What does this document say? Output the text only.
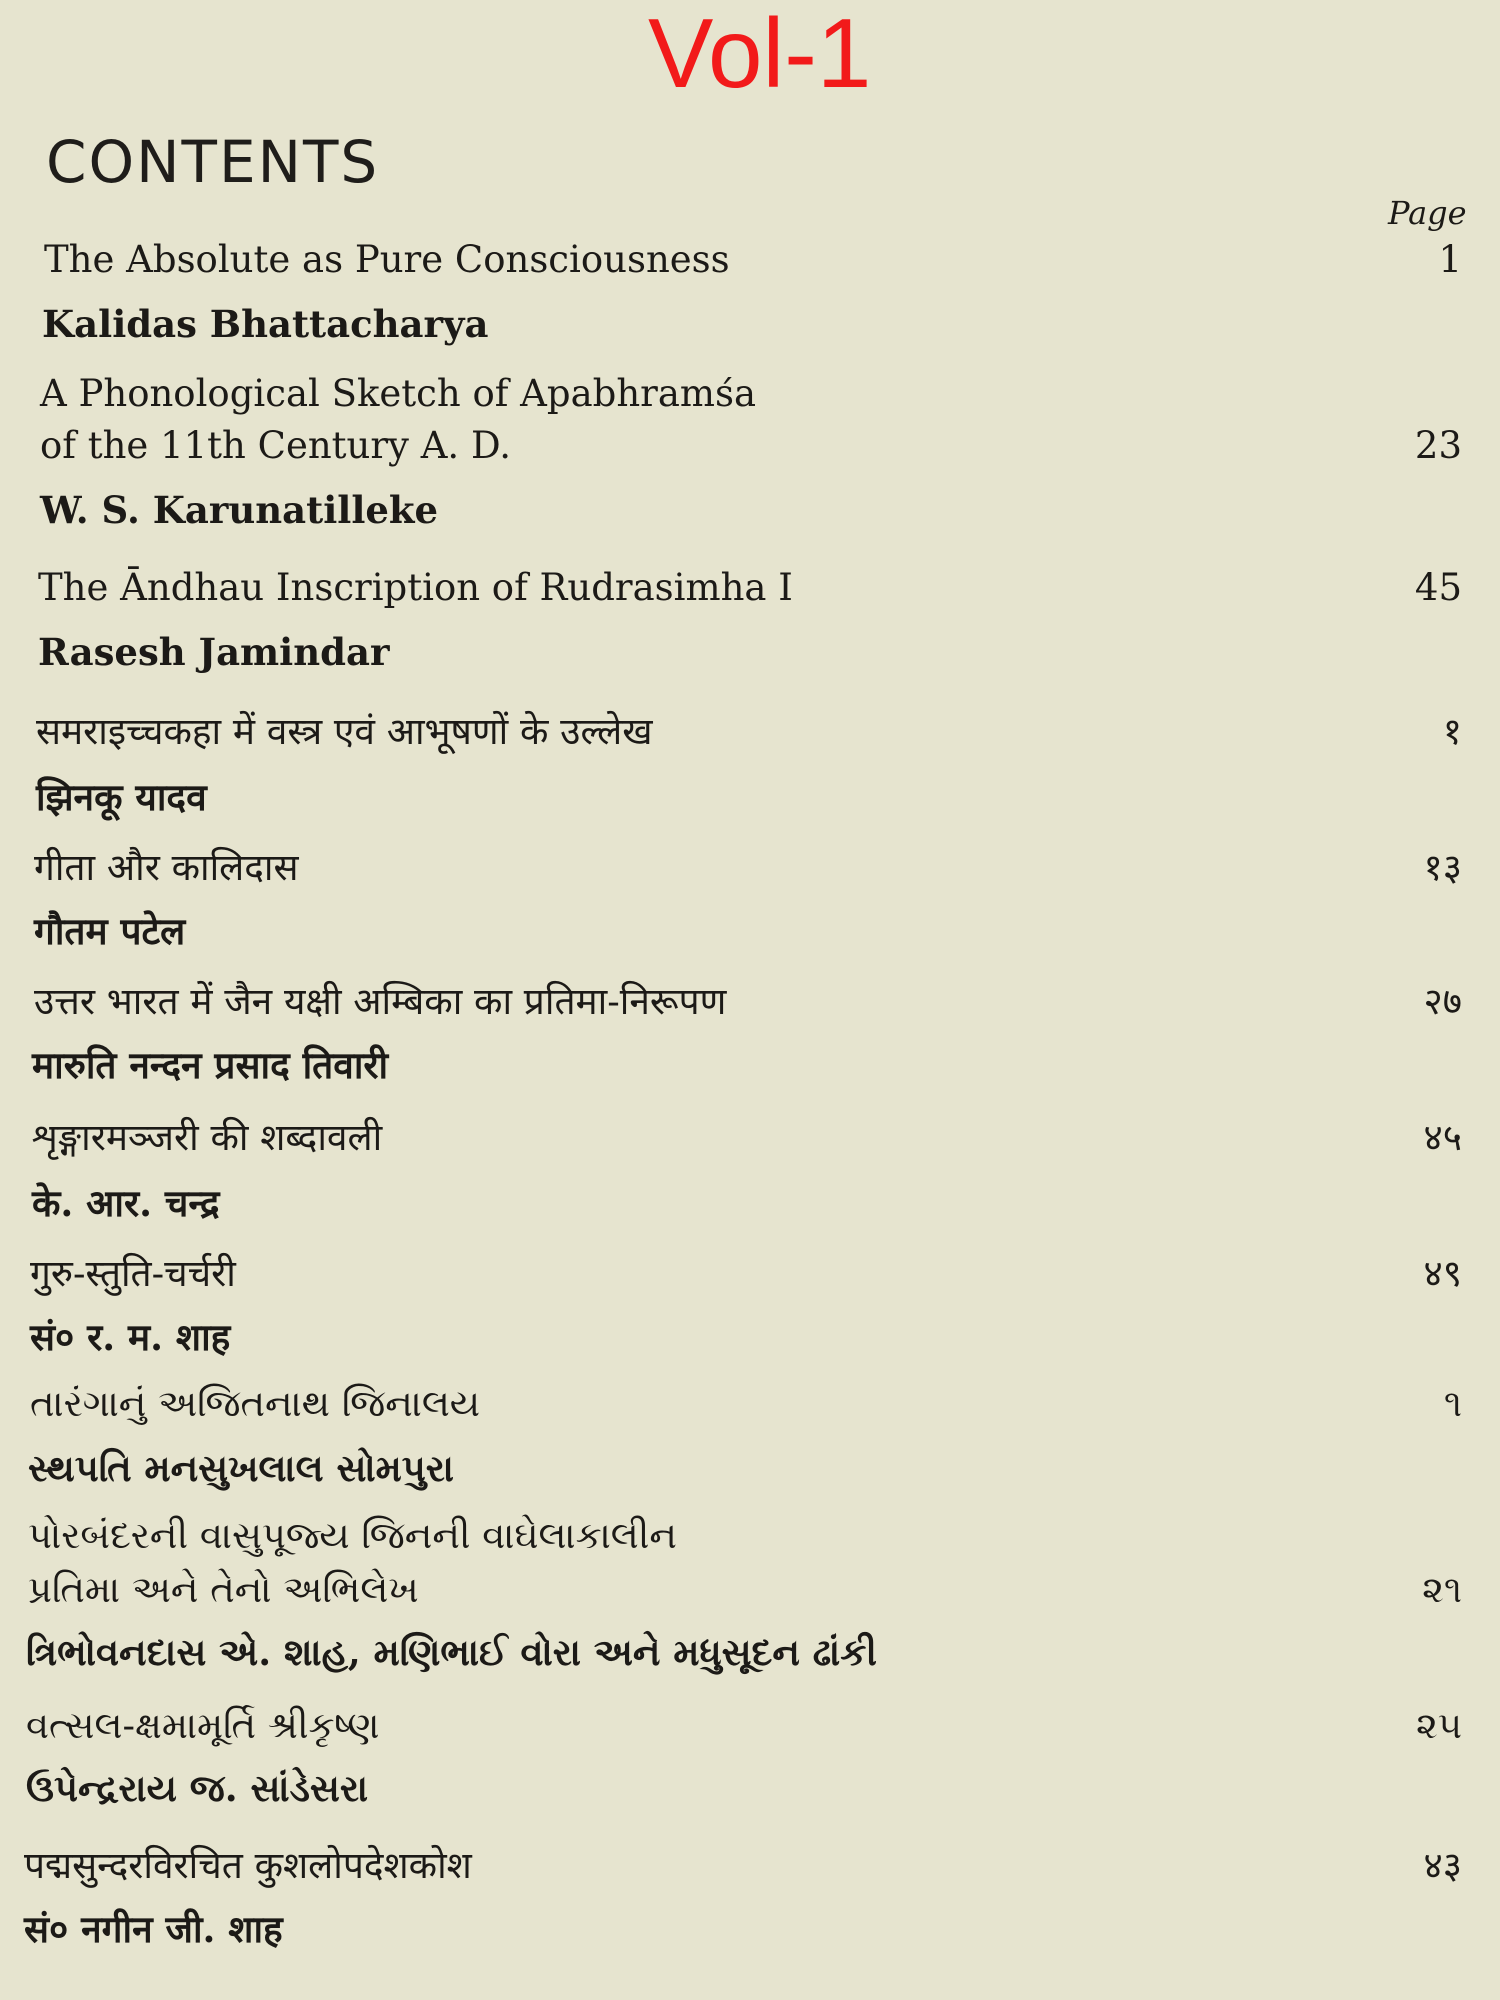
Vol-1
CONTENTS
Page
The Absolute as Pure Consciousness	1
Kalidas Bhattacharya
A Phonological Sketch of Apabhramśa
of the 11th Century A. D.	23
W. S. Karunatilleke
The Āndhau Inscription of Rudrasimha I	45
Rasesh Jamindar
समराइच्चकहा में वस्त्र एवं आभूषणों के उल्लेख	१
झिनकू यादव
गीता और कालिदास	१३
गौतम पटेल
उत्तर भारत में जैन यक्षी अम्बिका का प्रतिमा-निरूपण	२७
मारुति नन्दन प्रसाद तिवारी
शृङ्गारमञ्जरी की शब्दावली	४५
के. आर. चन्द्र
गुरु-स्तुति-चर्चरी	४९
सं० र. म. शाह
તારંગાનું અજિતનાથ જિનાલય	૧
સ્થપતિ મનસુખલાલ સોમપુરા
પોરબંદરની વાસુપૂજ્ય જિનની વાઘેલાકાલીન
પ્રતિમા અને તેનો અભિલેખ	૨૧
ત્રિભોવનદાસ એ. શાહ, મણિભાઈ વોરા અને મધુસૂદન ઢાંકી
વત્સલ-ક્ષમામૂર્તિ શ્રીકૃષ્ણ	૨૫
ઉપેન્દ્રરાય જ. સાંડેસરા
पद्मसुन्दरविरचित कुशलोपदेशकोश	४३
सं० नगीन जी. शाह
